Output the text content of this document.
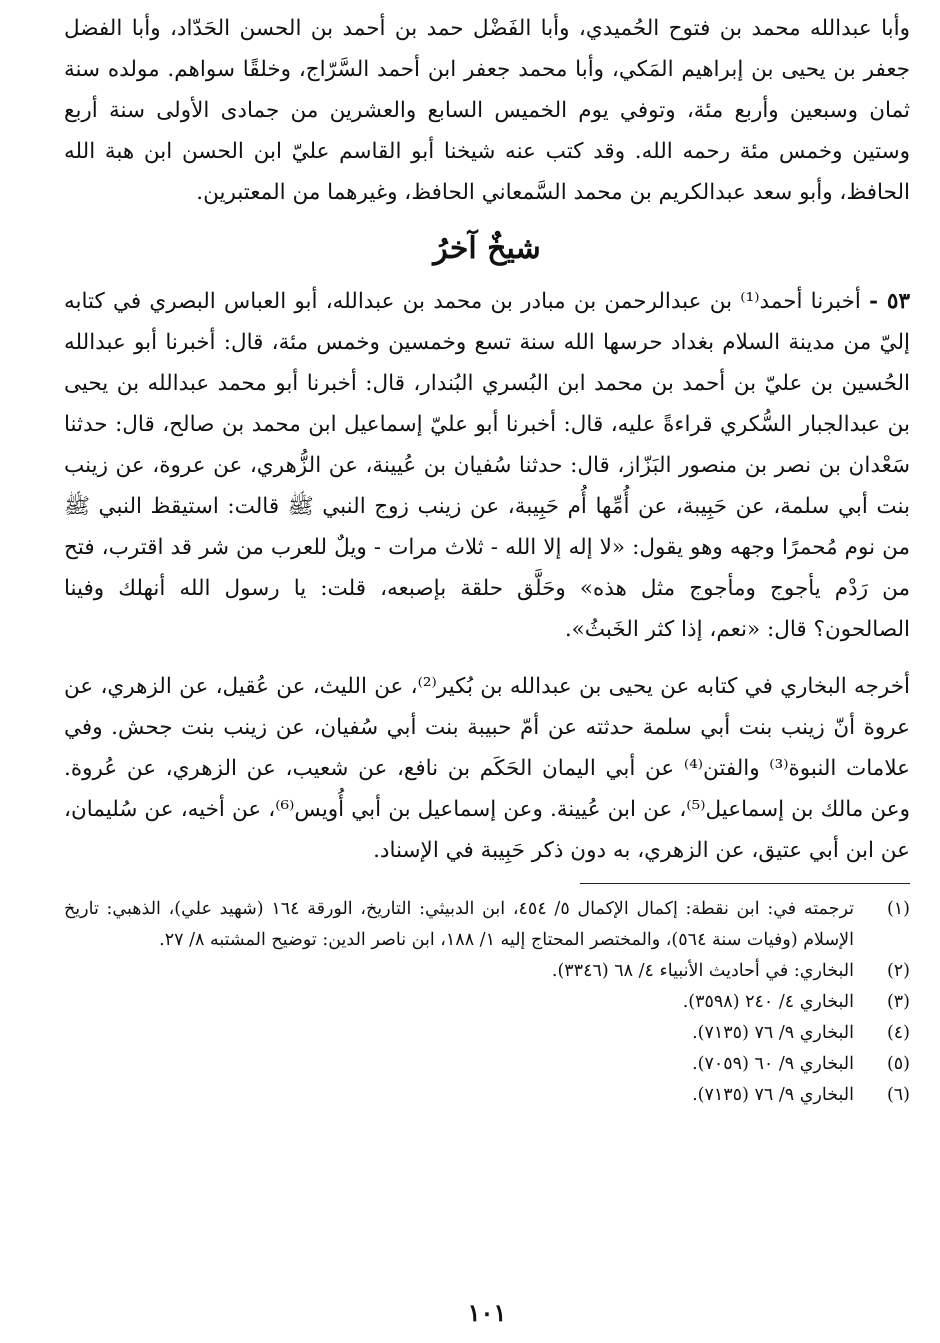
وأبا عبدالله محمد بن فتوح الحُميدي، وأبا الفَضْل حمد بن أحمد بن الحسن الحَدّاد، وأبا الفضل جعفر بن يحيى بن إبراهيم المَكي، وأبا محمد جعفر ابن أحمد السَّرّاج، وخلقًا سواهم. مولده سنة ثمان وسبعين وأربع مئة، وتوفي يوم الخميس السابع والعشرين من جمادى الأولى سنة أربع وستين وخمس مئة رحمه الله. وقد كتب عنه شيخنا أبو القاسم عليّ ابن الحسن ابن هبة الله الحافظ، وأبو سعد عبدالكريم بن محمد السَّمعاني الحافظ، وغيرهما من المعتبرين.

شيخٌ آخرُ

٥٣ - أخبرنا أحمد⁽¹⁾ بن عبدالرحمن بن مبادر بن محمد بن عبدالله، أبو العباس البصري في كتابه إليّ من مدينة السلام بغداد حرسها الله سنة تسع وخمسين وخمس مئة، قال: أخبرنا أبو عبدالله الحُسين بن عليّ بن أحمد بن محمد ابن البُسري البُندار، قال: أخبرنا أبو محمد عبدالله بن يحيى بن عبدالجبار السُّكري قراءةً عليه، قال: أخبرنا أبو عليّ إسماعيل ابن محمد بن صالح، قال: حدثنا سَعْدان بن نصر بن منصور البَزّاز، قال: حدثنا سُفيان بن عُيينة، عن الزُّهري، عن عروة، عن زينب بنت أبي سلمة، عن حَبِيبة، عن أُمِّها أُم حَبِيبة، عن زينب زوج النبي ﷺ قالت: استيقظ النبي ﷺ من نوم مُحمرًا وجهه وهو يقول: «لا إله إلا الله - ثلاث مرات - ويلٌ للعرب من شر قد اقترب، فتح من رَدْم يأجوج ومأجوج مثل هذه» وحَلَّق حلقة بإصبعه، قلت: يا رسول الله أنهلك وفينا الصالحون؟ قال: «نعم، إذا كثر الخَبثُ».

أخرجه البخاري في كتابه عن يحيى بن عبدالله بن بُكير⁽²⁾، عن الليث، عن عُقيل، عن الزهري، عن عروة أنّ زينب بنت أبي سلمة حدثته عن أمّ حبيبة بنت أبي سُفيان، عن زينب بنت جحش. وفي علامات النبوة⁽³⁾ والفتن⁽⁴⁾ عن أبي اليمان الحَكَم بن نافع، عن شعيب، عن الزهري، عن عُروة. وعن مالك بن إسماعيل⁽⁵⁾، عن ابن عُيينة. وعن إسماعيل بن أبي أُويس⁽⁶⁾، عن أخيه، عن سُليمان، عن ابن أبي عتيق، عن الزهري، به دون ذكر حَبِيبة في الإسناد.

(١)
ترجمته في: ابن نقطة: إكمال الإكمال ٥/ ٤٥٤، ابن الدبيثي: التاريخ، الورقة ١٦٤ (شهيد علي)، الذهبي: تاريخ الإسلام (وفيات سنة ٥٦٤)، والمختصر المحتاج إليه ١/ ١٨٨، ابن ناصر الدين: توضيح المشتبه ٨/ ٢٧.
(٢)
البخاري: في أحاديث الأنبياء ٤/ ٦٨ (٣٣٤٦).
(٣)
البخاري ٤/ ٢٤٠ (٣٥٩٨).
(٤)
البخاري ٩/ ٧٦ (٧١٣٥).
(٥)
البخاري ٩/ ٦٠ (٧٠٥٩).
(٦)
البخاري ٩/ ٧٦ (٧١٣٥).
١٠١
